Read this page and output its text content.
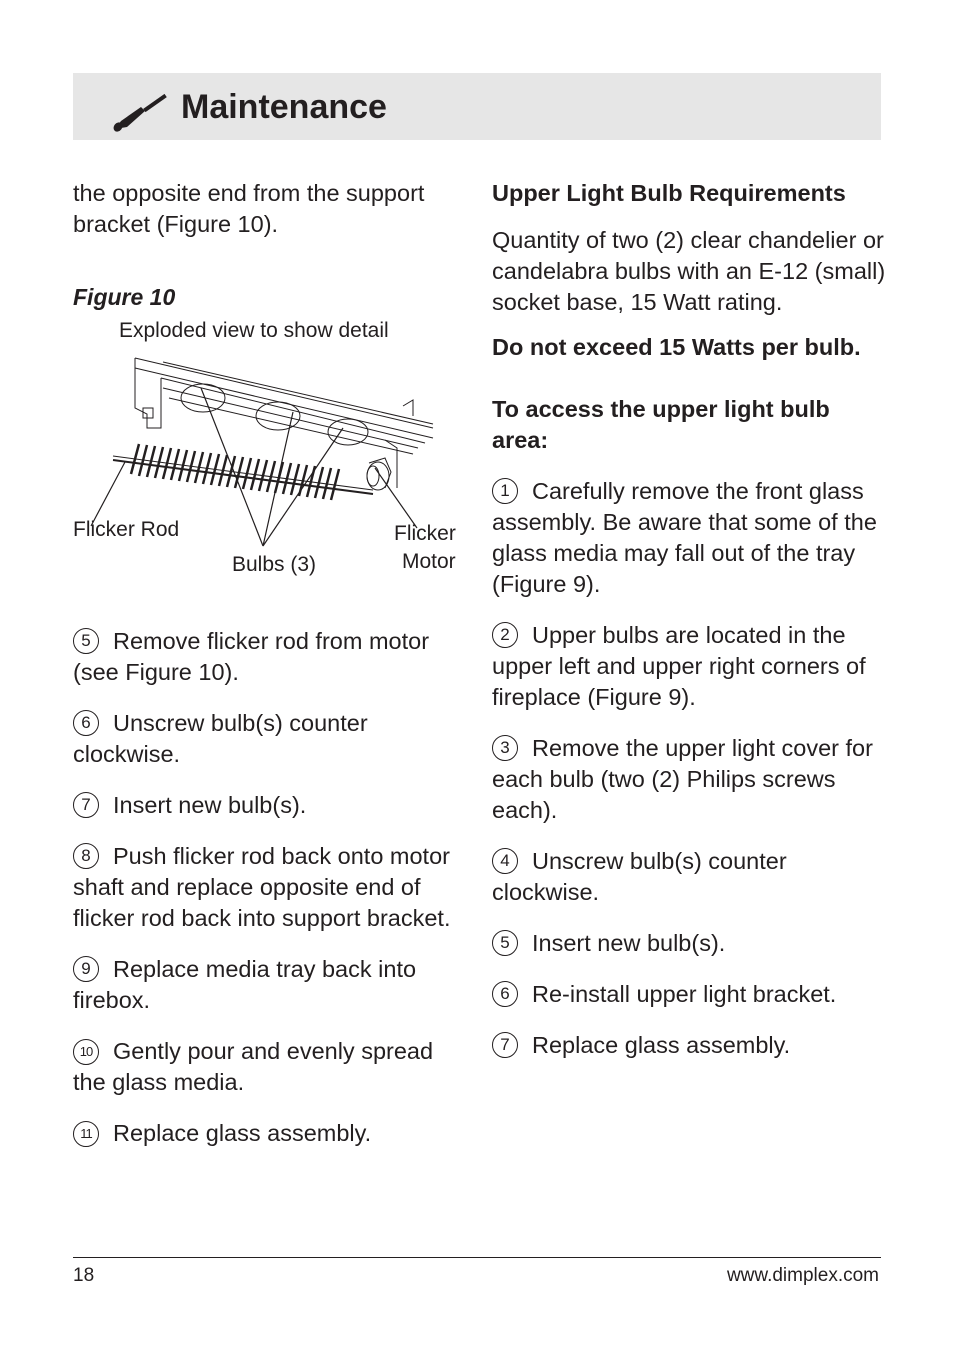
Maintenance

the opposite end from the support bracket (Figure 10).

Figure 10

Exploded view to show detail

Flicker Rod
Bulbs (3)
Flicker
Motor

5 Remove flicker rod from motor (see Figure 10).

6 Unscrew bulb(s) counter clockwise.

7 Insert new bulb(s).

8 Push flicker rod back onto motor shaft and replace opposite end of flicker rod back into support bracket.

9 Replace media tray back into firebox.

10 Gently pour and evenly spread the glass media.

11 Replace glass assembly.

Upper Light Bulb Requirements

Quantity of two (2) clear chandelier or candelabra bulbs with an E-12 (small) socket base, 15 Watt rating.

Do not exceed 15 Watts per bulb.

To access the upper light bulb area:

1 Carefully remove the front glass assembly. Be aware that some of the glass media may fall out of the tray (Figure 9).

2 Upper bulbs are located in the upper left and upper right corners of fireplace (Figure 9).

3 Remove the upper light cover for each bulb (two (2) Philips screws each).

4 Unscrew bulb(s) counter clockwise.

5 Insert new bulb(s).

6 Re-install upper light bracket.

7 Replace glass assembly.

18	www.dimplex.com
